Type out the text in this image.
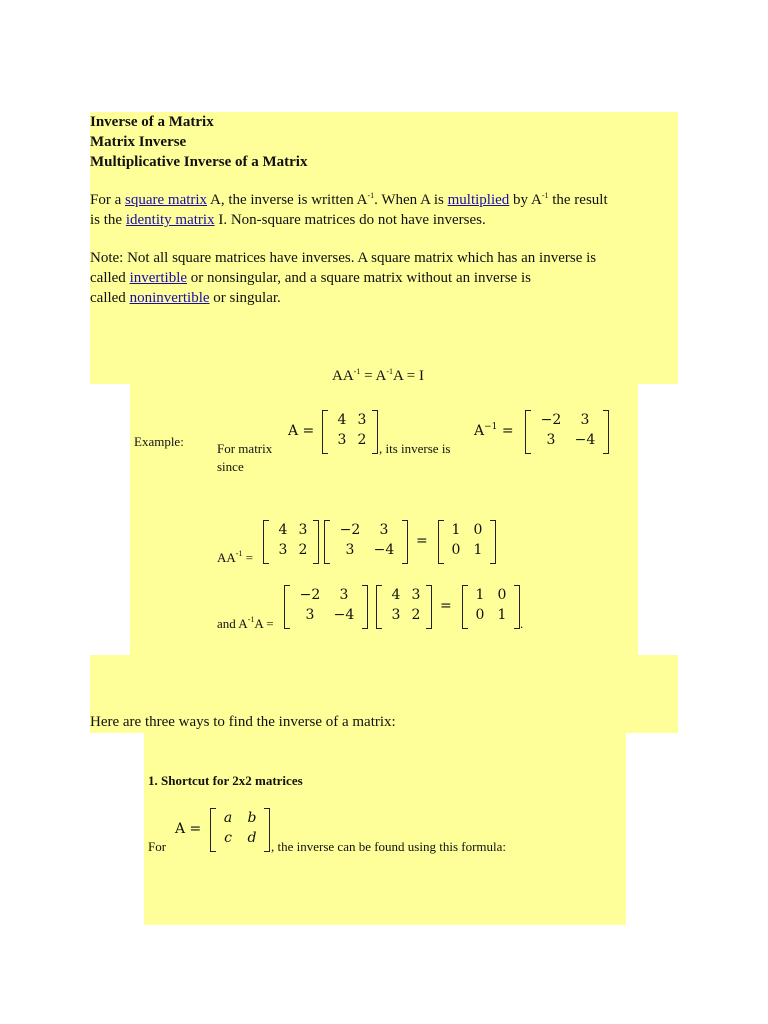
Inverse of a Matrix
Matrix Inverse
Multiplicative Inverse of a Matrix
For a square matrix A, the inverse is written $A^{-1}$. When A is multiplied by $A^{-1}$ the result
is the identity matrix I. Non-square matrices do not have inverses.
Note: Not all square matrices have inverses. A square matrix which has an inverse is
called invertible or nonsingular, and a square matrix without an inverse is
called noninvertible or singular.
$AA^{-1} = A^{-1}A = I$
Example:	For matrix
since
A =
4 3
3 2
, its inverse is
$A^{-1}$ =
−2	3
3	−4
$AA^{-1}$ =
4 3
3 2
−2	3
3	−4
=
1 0
0 1
and $A^{-1}A$ =
−2	3
3	−4
4 3
3 2
=
1 0
0 1
.
Here are three ways to find the inverse of a matrix:
1. Shortcut for 2x2 matrices
For
A =
a	b
c	d
, the inverse can be found using this formula:
